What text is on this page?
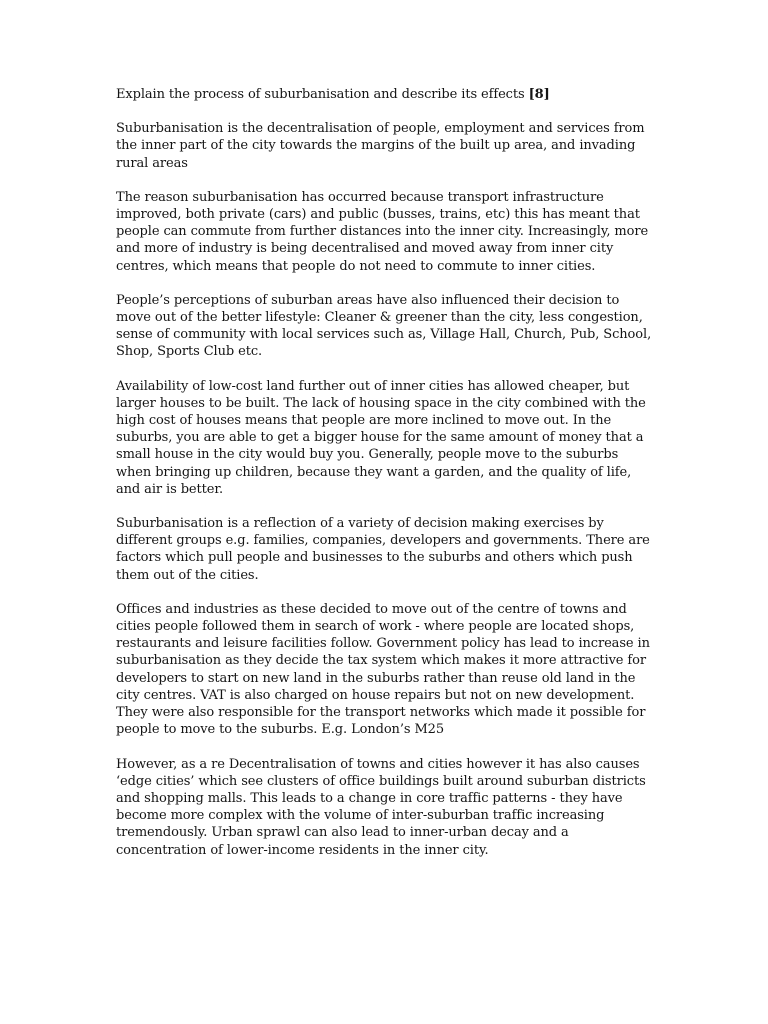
Explain the process of suburbanisation and describe its effects [8]

Suburbanisation is the decentralisation of people, employment and services from the inner part of the city towards the margins of the built up area, and invading rural areas

The reason suburbanisation has occurred because transport infrastructure improved, both private (cars) and public (busses, trains, etc) this has meant that people can commute from further distances into the inner city. Increasingly, more and more of industry is being decentralised and moved away from inner city centres, which means that people do not need to commute to inner cities.

People’s perceptions of suburban areas have also influenced their decision to move out of the better lifestyle: Cleaner & greener than the city, less congestion, sense of community with local services such as, Village Hall, Church, Pub, School, Shop, Sports Club etc.

Availability of low-cost land further out of inner cities has allowed cheaper, but larger houses to be built. The lack of housing space in the city combined with the high cost of houses means that people are more inclined to move out. In the suburbs, you are able to get a bigger house for the same amount of money that a small house in the city would buy you. Generally, people move to the suburbs when bringing up children, because they want a garden, and the quality of life, and air is better.

Suburbanisation is a reflection of a variety of decision making exercises by different groups e.g. families, companies, developers and governments. There are factors which pull people and businesses to the suburbs and others which push them out of the cities.

Offices and industries as these decided to move out of the centre of towns and cities people followed them in search of work - where people are located shops, restaurants and leisure facilities follow. Government policy has lead to increase in suburbanisation as they decide the tax system which makes it more attractive for developers to start on new land in the suburbs rather than reuse old land in the city centres. VAT is also charged on house repairs but not on new development. They were also responsible for the transport networks which made it possible for people to move to the suburbs. E.g. London’s M25

However, as a re Decentralisation of towns and cities however it has also causes ‘edge cities’ which see clusters of office buildings built around suburban districts and shopping malls. This leads to a change in core traffic patterns - they have become more complex with the volume of inter-suburban traffic increasing tremendously. Urban sprawl can also lead to inner-urban decay and a concentration of lower-income residents in the inner city.
